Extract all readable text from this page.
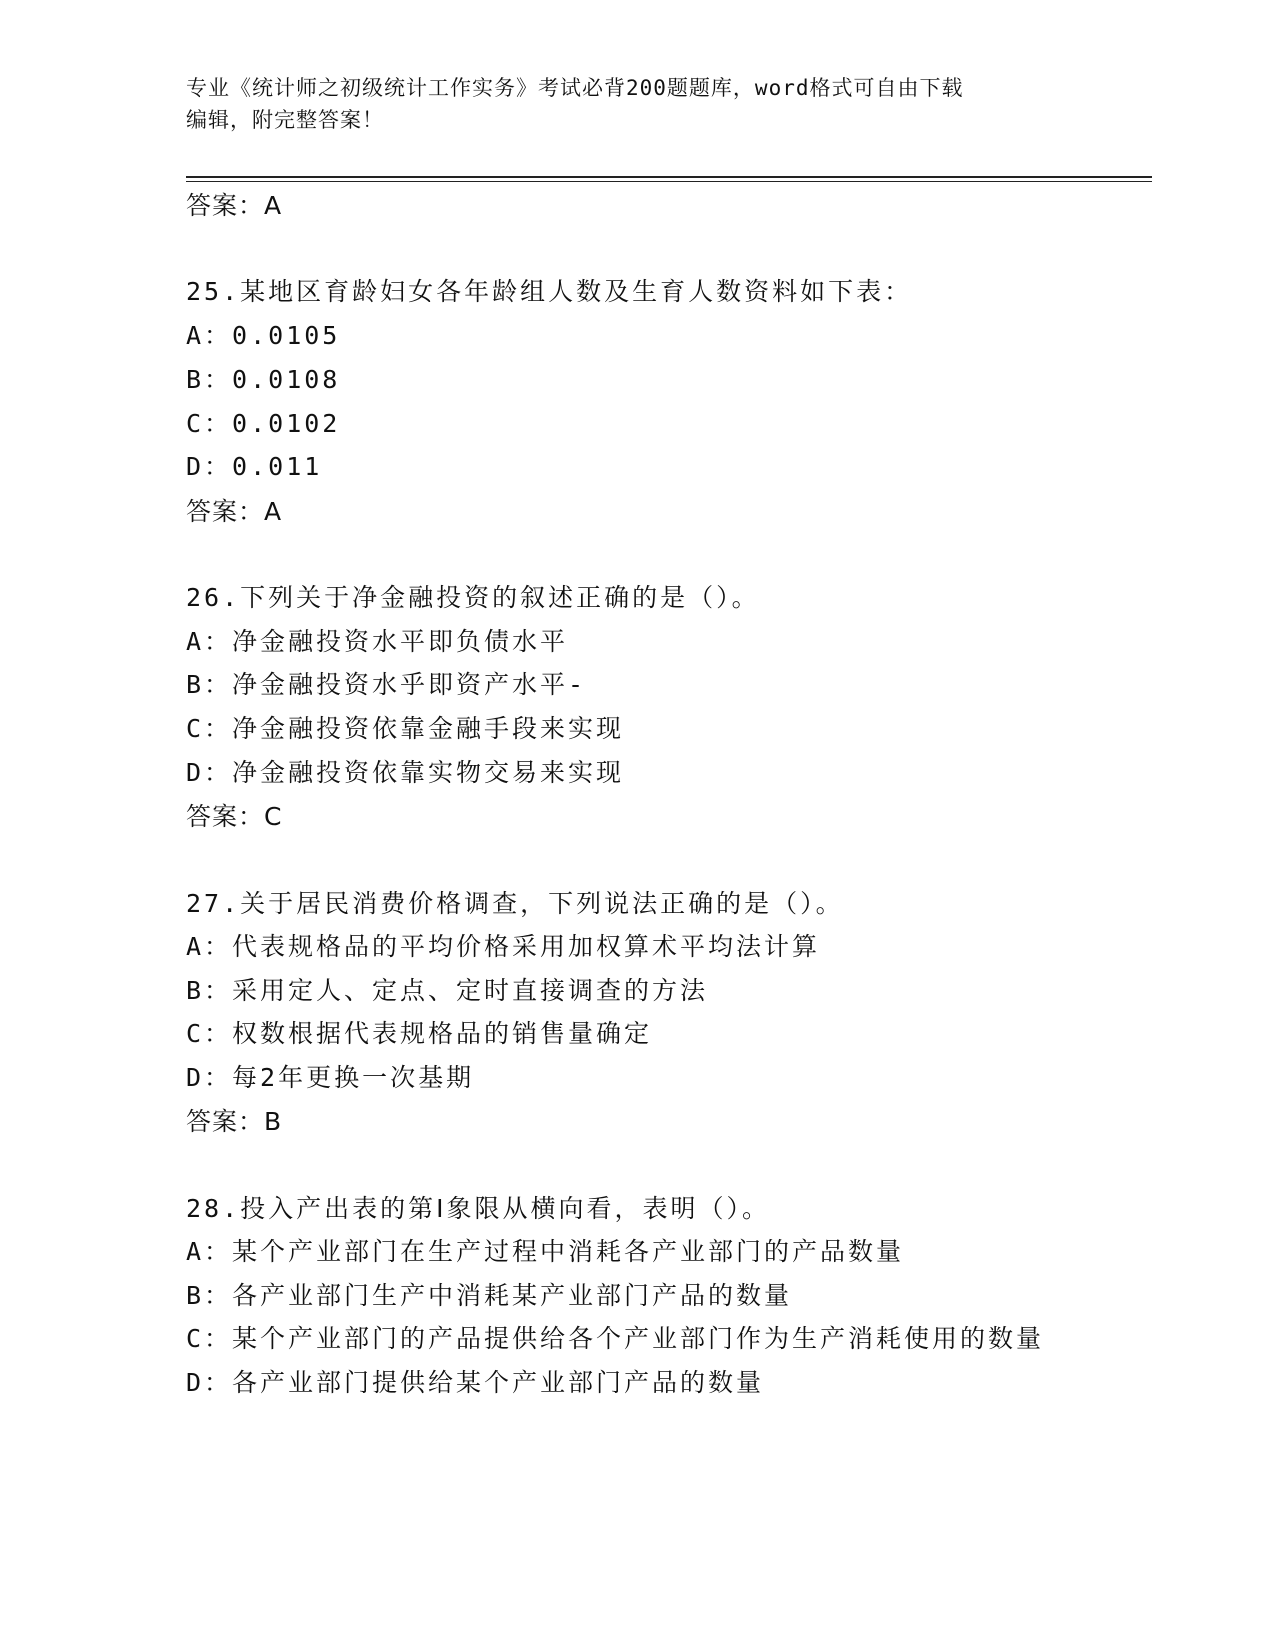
专业《统计师之初级统计工作实务》考试必背200题题库，word格式可自由下载
编辑，附完整答案！
答案：A
25.某地区育龄妇女各年龄组人数及生育人数资料如下表：
A：0.0105
B：0.0108
C：0.0102
D：0.011
答案：A
26.下列关于净金融投资的叙述正确的是（）。
A：净金融投资水平即负债水平
B：净金融投资水乎即资产水平-
C：净金融投资依靠金融手段来实现
D：净金融投资依靠实物交易来实现
答案：C
27.关于居民消费价格调查，下列说法正确的是（）。
A：代表规格品的平均价格采用加权算术平均法计算
B：采用定人、定点、定时直接调查的方法
C：权数根据代表规格品的销售量确定
D：每2年更换一次基期
答案：B
28.投入产出表的第Ⅰ象限从横向看，表明（）。
A：某个产业部门在生产过程中消耗各产业部门的产品数量
B：各产业部门生产中消耗某产业部门产品的数量
C：某个产业部门的产品提供给各个产业部门作为生产消耗使用的数量
D：各产业部门提供给某个产业部门产品的数量
